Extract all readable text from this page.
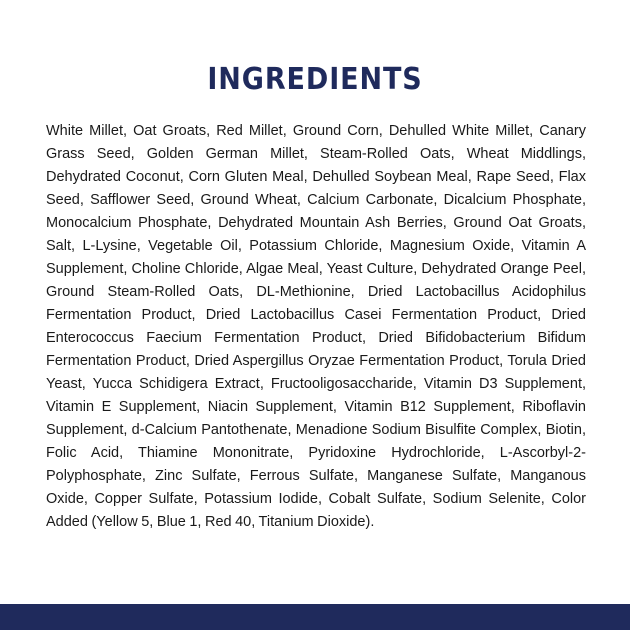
INGREDIENTS

White Millet, Oat Groats, Red Millet, Ground Corn, Dehulled White Millet, Canary Grass Seed, Golden German Millet, Steam-Rolled Oats, Wheat Middlings, Dehydrated Coconut, Corn Gluten Meal, Dehulled Soybean Meal, Rape Seed, Flax Seed, Safflower Seed, Ground Wheat, Calcium Carbonate, Dicalcium Phosphate, Monocalcium Phosphate, Dehydrated Mountain Ash Berries, Ground Oat Groats, Salt, L-Lysine, Vegetable Oil, Potassium Chloride, Magnesium Oxide, Vitamin A Supplement, Choline Chloride, Algae Meal, Yeast Culture, Dehydrated Orange Peel, Ground Steam-Rolled Oats, DL-Methionine, Dried Lactobacillus Acidophilus Fermentation Product, Dried Lactobacillus Casei Fermentation Product, Dried Enterococcus Faecium Fermentation Product, Dried Bifidobacterium Bifidum Fermentation Product, Dried Aspergillus Oryzae Fermentation Product, Torula Dried Yeast, Yucca Schidigera Extract, Fructooligosaccharide, Vitamin D3 Supplement, Vitamin E Supplement, Niacin Supplement, Vitamin B12 Supplement, Riboflavin Supplement, d-Calcium Pantothenate, Menadione Sodium Bisulfite Complex, Biotin, Folic Acid, Thiamine Mononitrate, Pyridoxine Hydrochloride, L-Ascorbyl-2-Polyphosphate, Zinc Sulfate, Ferrous Sulfate, Manganese Sulfate, Manganous Oxide, Copper Sulfate, Potassium Iodide, Cobalt Sulfate, Sodium Selenite, Color Added (Yellow 5, Blue 1, Red 40, Titanium Dioxide).
